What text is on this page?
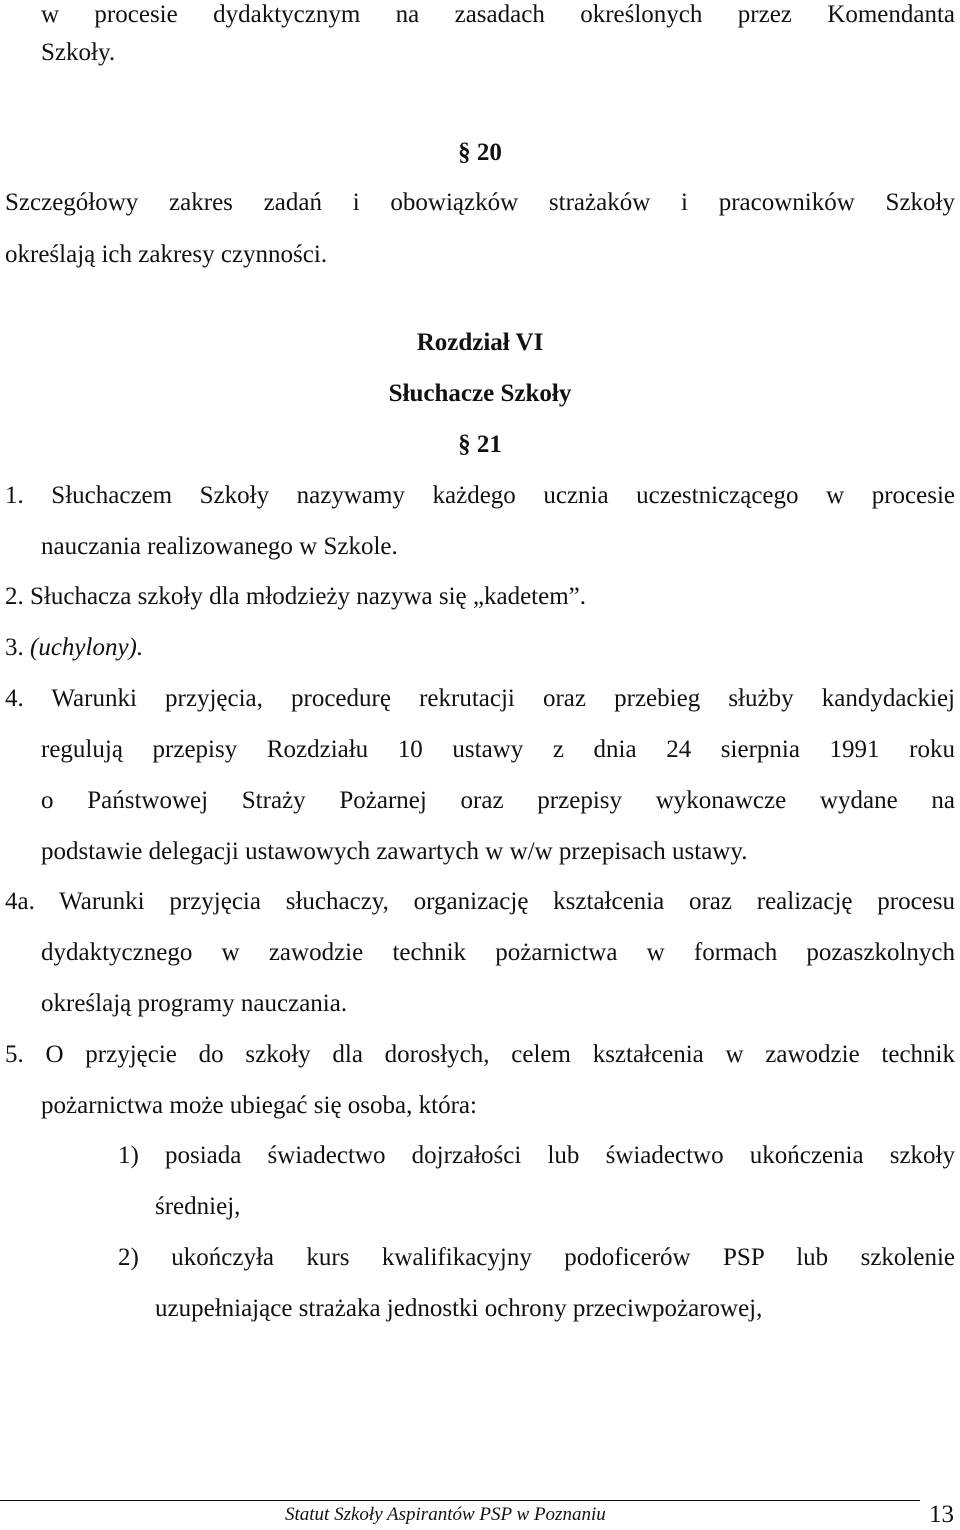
w procesie dydaktycznym na zasadach określonych przez Komendanta
Szkoły.
§ 20
Szczegółowy zakres zadań i obowiązków strażaków i pracowników Szkoły
określają ich zakresy czynności.
Rozdział VI
Słuchacze Szkoły
§ 21
1. Słuchaczem Szkoły nazywamy każdego ucznia uczestniczącego w procesie
nauczania realizowanego w Szkole.
2. Słuchacza szkoły dla młodzieży nazywa się „kadetem”.
3. (uchylony).
4. Warunki przyjęcia, procedurę rekrutacji oraz przebieg służby kandydackiej
regulują przepisy Rozdziału 10 ustawy z dnia 24 sierpnia 1991 roku
o Państwowej Straży Pożarnej oraz przepisy wykonawcze wydane na
podstawie delegacji ustawowych zawartych w w/w przepisach ustawy.
4a. Warunki przyjęcia słuchaczy, organizację kształcenia oraz realizację procesu
dydaktycznego w zawodzie technik pożarnictwa w formach pozaszkolnych
określają programy nauczania.
5. O przyjęcie do szkoły dla dorosłych, celem kształcenia w zawodzie technik
pożarnictwa może ubiegać się osoba, która:
1) posiada świadectwo dojrzałości lub świadectwo ukończenia szkoły
średniej,
2) ukończyła kurs kwalifikacyjny podoficerów PSP lub szkolenie
uzupełniające strażaka jednostki ochrony przeciwpożarowej,
Statut Szkoły Aspirantów PSP w Poznaniu	13
